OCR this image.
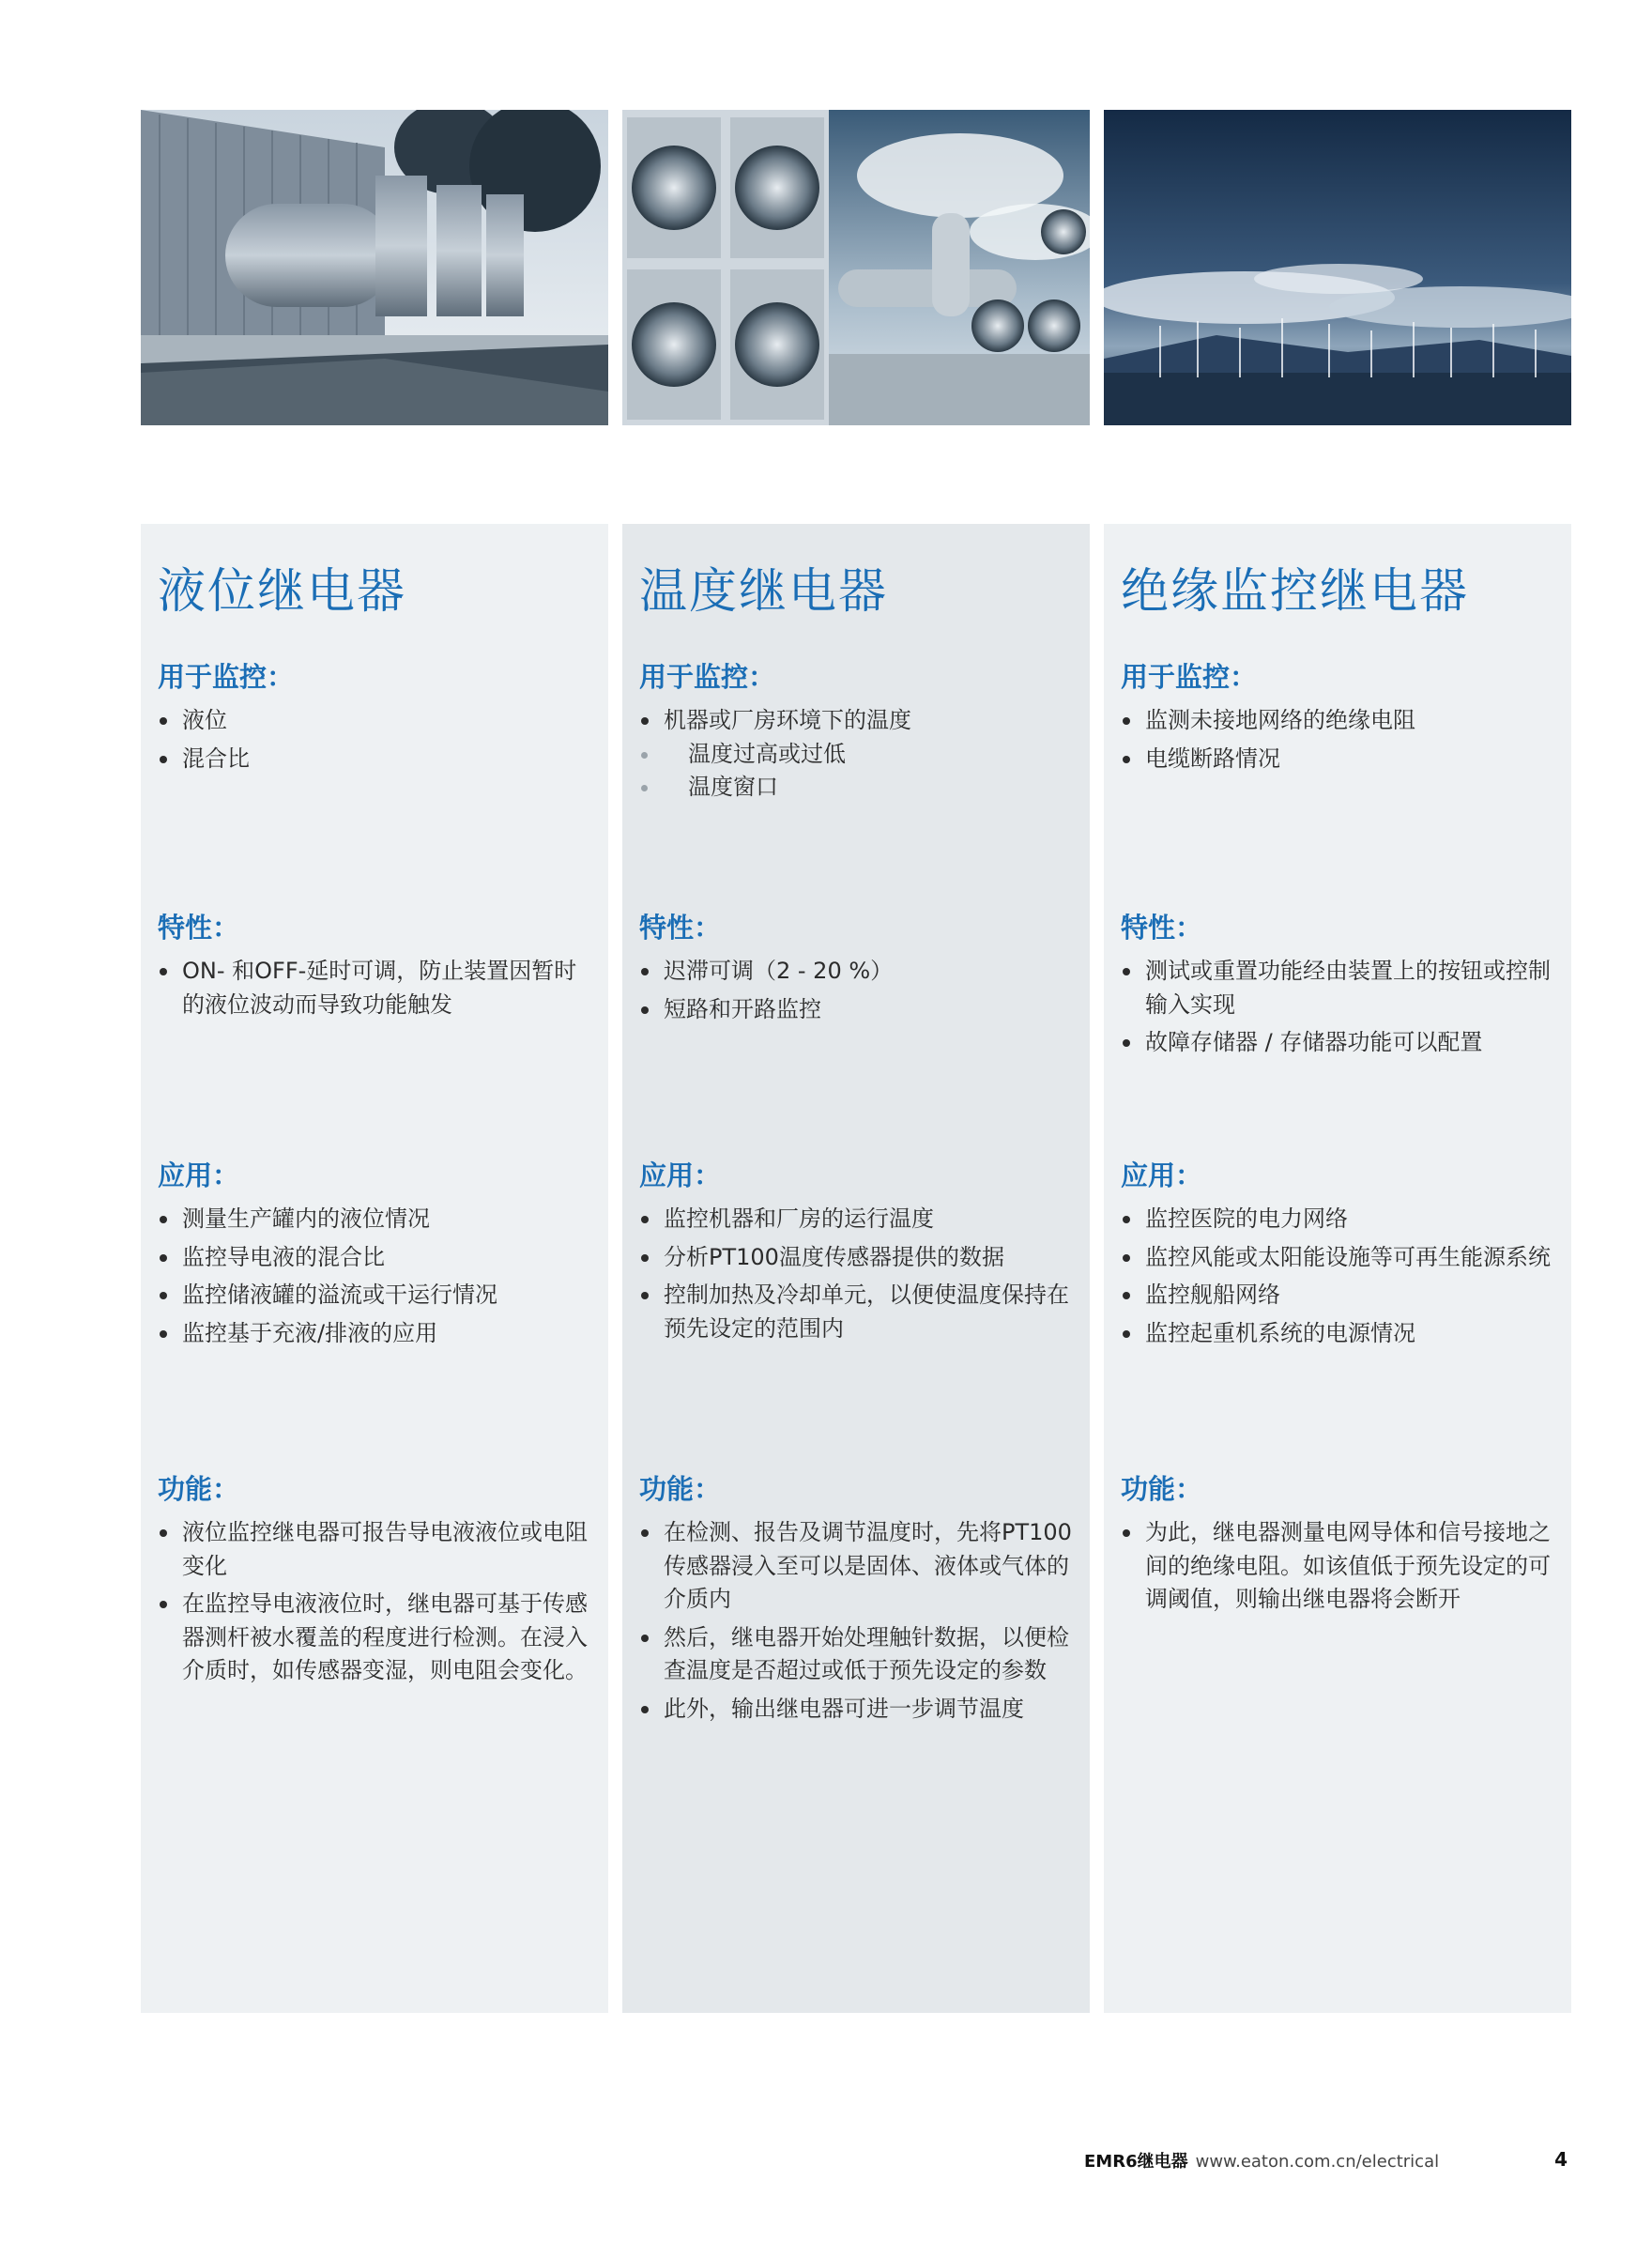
液位继电器
用于监控：
液位
混合比
特性：
ON- 和OFF-延时可调，防止装置因暂时的液位波动而导致功能触发
应用：
测量生产罐内的液位情况
监控导电液的混合比
监控储液罐的溢流或干运行情况
监控基于充液/排液的应用
功能：
液位监控继电器可报告导电液液位或电阻变化
在监控导电液液位时，继电器可基于传感器测杆被水覆盖的程度进行检测。在浸入介质时，如传感器变湿，则电阻会变化。
温度继电器
用于监控：
机器或厂房环境下的温度
温度过高或过低
温度窗口
特性：
迟滞可调（2 - 20 %）
短路和开路监控
应用：
监控机器和厂房的运行温度
分析PT100温度传感器提供的数据
控制加热及冷却单元，以便使温度保持在预先设定的范围内
功能：
在检测、报告及调节温度时，先将PT100 传感器浸入至可以是固体、液体或气体的介质内
然后，继电器开始处理触针数据，以便检查温度是否超过或低于预先设定的参数
此外，输出继电器可进一步调节温度
绝缘监控继电器
用于监控：
监测未接地网络的绝缘电阻
电缆断路情况
特性：
测试或重置功能经由装置上的按钮或控制输入实现
故障存储器 / 存储器功能可以配置
应用：
监控医院的电力网络
监控风能或太阳能设施等可再生能源系统
监控舰船网络
监控起重机系统的电源情况
功能：
为此，继电器测量电网导体和信号接地之间的绝缘电阻。如该值低于预先设定的可调阈值，则输出继电器将会断开
EMR6继电器 www.eaton.com.cn/electrical	4
